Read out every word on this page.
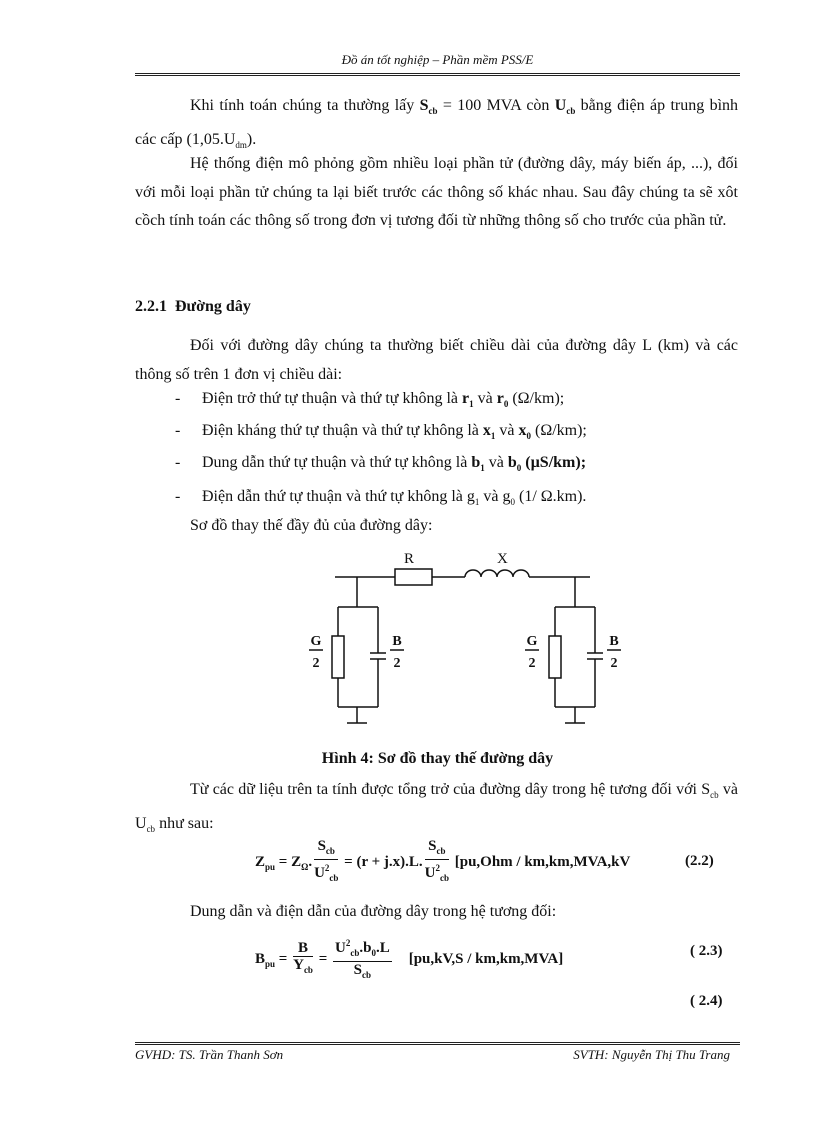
Đồ án tốt nghiệp – Phần mềm PSS/E
Khi tính toán chúng ta thường lấy $S_{cb} = 100$ MVA còn $U_{cb}$ bằng điện áp trung bình các cấp $(1,05.U_{dm})$.
Hệ thống điện mô phỏng gồm nhiều loại phần tử (đường dây, máy biến áp, ...), đối với mỗi loại phần tử chúng ta lại biết trước các thông số khác nhau. Sau đây chúng ta sẽ xôt cồch tính toán các thông số trong đơn vị tương đối từ những thông số cho trước của phần tử.
2.2.1 Đường dây
Đối với đường dây chúng ta thường biết chiều dài của đường dây L (km) và các thông số trên 1 đơn vị chiều dài:
- Điện trở thứ tự thuận và thứ tự không là $r_1$ và $r_0$ (Ω/km);
- Điện kháng thứ tự thuận và thứ tự không là $x_1$ và $x_0$ (Ω/km);
- Dung dẫn thứ tự thuận và thứ tự không là $b_1$ và $b_0$ (µS/km);
- Điện dẫn thứ tự thuận và thứ tự không là $g_1$ và $g_0$ (1/ Ω.km).
Sơ đồ thay thế đầy đủ của đường dây:
R	X
G
2
B
2
G
2
B
2
Hình 4: Sơ đồ thay thế đường dây
Từ các dữ liệu trên ta tính được tổng trở của đường dây trong hệ tương đối với $S_{cb}$ và $U_{cb}$ như sau:
$Z_{pu} = Z_\Omega$. $\frac{S_{cb}}{U^2_{cb}} = (r + j.x).L$. $\frac{S_{cb}}{U^2_{cb}} [pu,Ohm / km,km,MVA,kV$	(2.2)
Dung dẫn và điện dẫn của đường dây trong hệ tương đối:
$B_{pu} = \frac{B}{Y_{cb}} = \frac{U^2_{cb}.b_0.L}{S_{cb}} [pu,kV,S / km,km,MVA]$	( 2.3)
( 2.4)
GVHD: TS. Trần Thanh Sơn	SVTH: Nguyễn Thị Thu Trang
